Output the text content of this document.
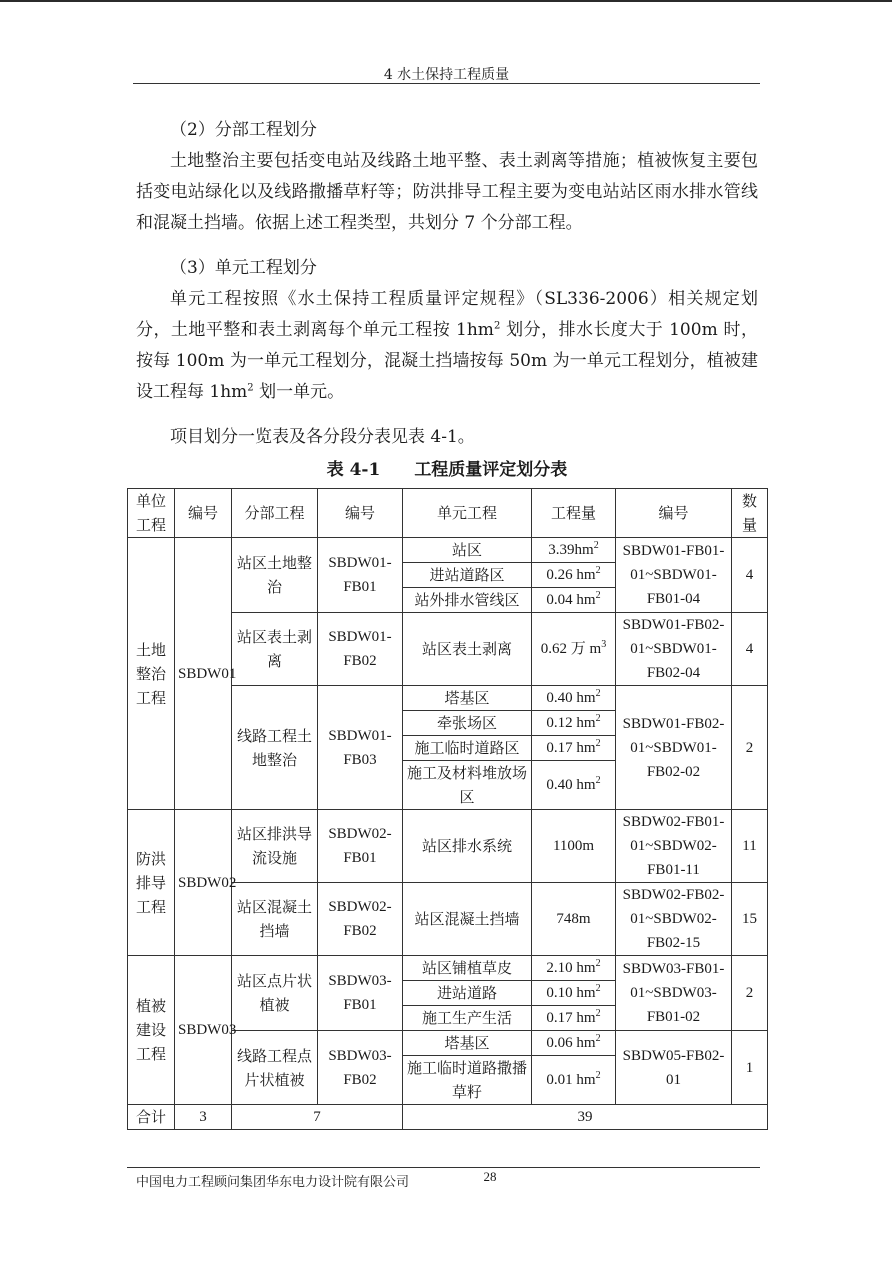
4 水土保持工程质量

（2）分部工程划分

土地整治主要包括变电站及线路土地平整、表土剥离等措施；植被恢复主要包括变电站绿化以及线路撒播草籽等；防洪排导工程主要为变电站站区雨水排水管线和混凝土挡墙。依据上述工程类型，共划分 7 个分部工程。

（3）单元工程划分

单元工程按照《水土保持工程质量评定规程》（SL336-2006）相关规定划分，土地平整和表土剥离每个单元工程按 $1hm^2$ 划分，排水长度大于 100m 时，按每 100m 为一单元工程划分，混凝土挡墙按每 50m 为一单元工程划分，植被建设工程每 $1hm^2$ 划一单元。

项目划分一览表及各分段分表见表 4-1。

表 4-1 工程质量评定划分表
单位工程	编号	分部工程	编号	单元工程	工程量	编号	数量
土地整治工程	SBDW01	站区土地整治	SBDW01-FB01	站区	$3.39hm^2$	SBDW01-FB01-01~SBDW01-FB01-04	4
				进站道路区	0.26 $hm^2$
				站外排水管线区	0.04 $hm^2$
		站区表土剥离	SBDW01-FB02	站区表土剥离	0.62 万 $m^3$	SBDW01-FB02-01~SBDW01-FB02-04	4
		线路工程土地整治	SBDW01-FB03	塔基区	0.40 $hm^2$	SBDW01-FB02-01~SBDW01-FB02-02	2
				牵张场区	0.12 $hm^2$
				施工临时道路区	0.17 $hm^2$
				施工及材料堆放场区	0.40 $hm^2$
防洪排导工程	SBDW02	站区排洪导流设施	SBDW02-FB01	站区排水系统	1100m	SBDW02-FB01-01~SBDW02-FB01-11	11
		站区混凝土挡墙	SBDW02-FB02	站区混凝土挡墙	748m	SBDW02-FB02-01~SBDW02-FB02-15	15
植被建设工程	SBDW03	站区点片状植被	SBDW03-FB01	站区铺植草皮	2.10 $hm^2$	SBDW03-FB01-01~SBDW03-FB01-02	2
				进站道路	0.10 $hm^2$
				施工生产生活	0.17 $hm^2$
		线路工程点片状植被	SBDW03-FB02	塔基区	0.06 $hm^2$	SBDW05-FB02-01	1
				施工临时道路撒播草籽	0.01 $hm^2$
合计	3	7		39			
中国电力工程顾问集团华东电力设计院有限公司	28
